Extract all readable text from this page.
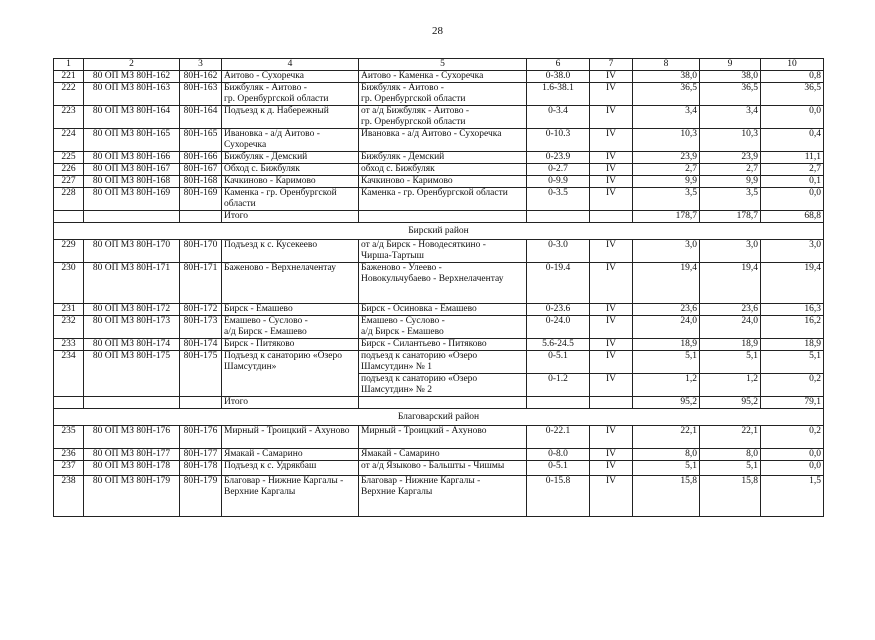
28
1	2	3	4	5	6	7	8	9	10
221	80 ОП МЗ 80Н-162	80Н-162	Аитово - Сухоречка	Аитово - Каменка - Сухоречка	0-38.0	IV	38,0	38,0	0,8
222	80 ОП МЗ 80Н-163	80Н-163	Бижбуляк - Аитово -
гр. Оренбургской области	Бижбуляк - Аитово -
гр. Оренбургской области	1.6-38.1	IV	36,5	36,5	36,5
223	80 ОП МЗ 80Н-164	80Н-164	Подъезд к д. Набережный	от а/д Бижбуляк - Аитово -
гр. Оренбургской области	0-3.4	IV	3,4	3,4	0,0
224	80 ОП МЗ 80Н-165	80Н-165	Ивановка - а/д Аитово -
Сухоречка	Ивановка - а/д Аитово - Сухоречка	0-10.3	IV	10,3	10,3	0,4
225	80 ОП МЗ 80Н-166	80Н-166	Бижбуляк - Демский	Бижбуляк - Демский	0-23.9	IV	23,9	23,9	11,1
226	80 ОП МЗ 80Н-167	80Н-167	Обход с. Бижбуляк	обход с. Бижбуляк	0-2.7	IV	2,7	2,7	2,7
227	80 ОП МЗ 80Н-168	80Н-168	Качкиново - Каримово	Качкиново - Каримово	0-9.9	IV	9,9	9,9	0,1
228	80 ОП МЗ 80Н-169	80Н-169	Каменка - гр. Оренбургской
области	Каменка - гр. Оренбургской области	0-3.5	IV	3,5	3,5	0,0
			Итого				178,7	178,7	68,8
Бирский район									
229	80 ОП МЗ 80Н-170	80Н-170	Подъезд к с. Кусекеево	от а/д Бирск - Новодесяткино -
Чирша-Тартыш	0-3.0	IV	3,0	3,0	3,0
230	80 ОП МЗ 80Н-171	80Н-171	Баженово - Верхнелачентау	Баженово - Улеево -
Новокульчубаево - Верхнелачентау	0-19.4	IV	19,4	19,4	19,4
231	80 ОП МЗ 80Н-172	80Н-172	Бирск - Емашево	Бирск - Осиновка - Емашево	0-23.6	IV	23,6	23,6	16,3
232	80 ОП МЗ 80Н-173	80Н-173	Емашево - Суслово -
а/д Бирск - Емашево	Емашево - Суслово -
а/д Бирск - Емашево	0-24.0	IV	24,0	24,0	16,2
233	80 ОП МЗ 80Н-174	80Н-174	Бирск - Питяково	Бирск - Силантьево - Питяково	5.6-24.5	IV	18,9	18,9	18,9
234	80 ОП МЗ 80Н-175	80Н-175	Подъезд к санаторию «Озеро
Шамсутдин»	подъезд к санаторию «Озеро
Шамсутдин» № 1	0-5.1	IV	5,1	5,1	5,1
				подъезд к санаторию «Озеро
Шамсутдин» № 2	0-1.2	IV	1,2	1,2	0,2
			Итого				95,2	95,2	79,1
Благоварский район									
235	80 ОП МЗ 80Н-176	80Н-176	Мирный - Троицкий - Ахуново	Мирный - Троицкий - Ахуново	0-22.1	IV	22,1	22,1	0,2
236	80 ОП МЗ 80Н-177	80Н-177	Ямакай - Самарино	Ямакай - Самарино	0-8.0	IV	8,0	8,0	0,0
237	80 ОП МЗ 80Н-178	80Н-178	Подъезд к с. Удрякбаш	от а/д Языково - Бальшты - Чишмы	0-5.1	IV	5,1	5,1	0,0
238	80 ОП МЗ 80Н-179	80Н-179	Благовар - Нижние Каргалы -
Верхние Каргалы	Благовар - Нижние Каргалы -
Верхние Каргалы	0-15.8	IV	15,8	15,8	1,5
